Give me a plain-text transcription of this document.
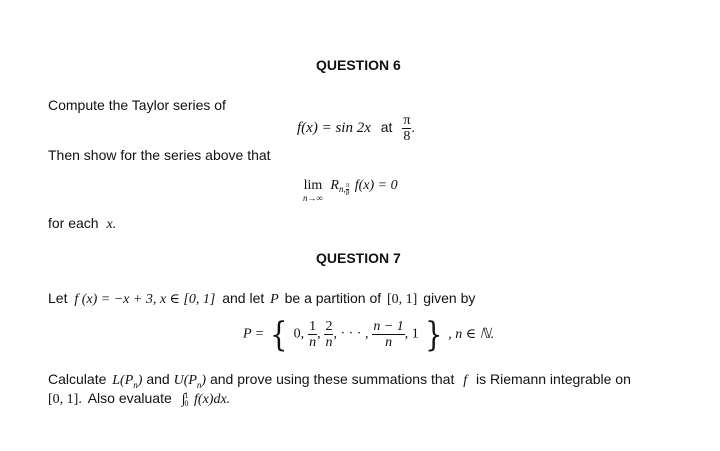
QUESTION 6
Compute the Taylor series of
f(x) = sin 2x at $\frac{\pi}{8}$ .
Then show for the series above that
lim
n→∞
$R_{n, \frac{\pi}{8}}$ f(x) = 0
for each x.
QUESTION 7
Let f (x) = −x + 3, x ∈ [0, 1] and let P be a partition of [0, 1] given by
P = { 0, $\frac{1}{n}$ , $\frac{2}{n}$ , · · · , $\frac{n - 1}{n}$ , 1 } , n ∈ ℕ.
Calculate $L(P_n)$ and $U(P_n)$ and prove using these summations that f is Riemann integrable on
[0, 1]. Also evaluate ∫ 1
0 f(x)dx.
